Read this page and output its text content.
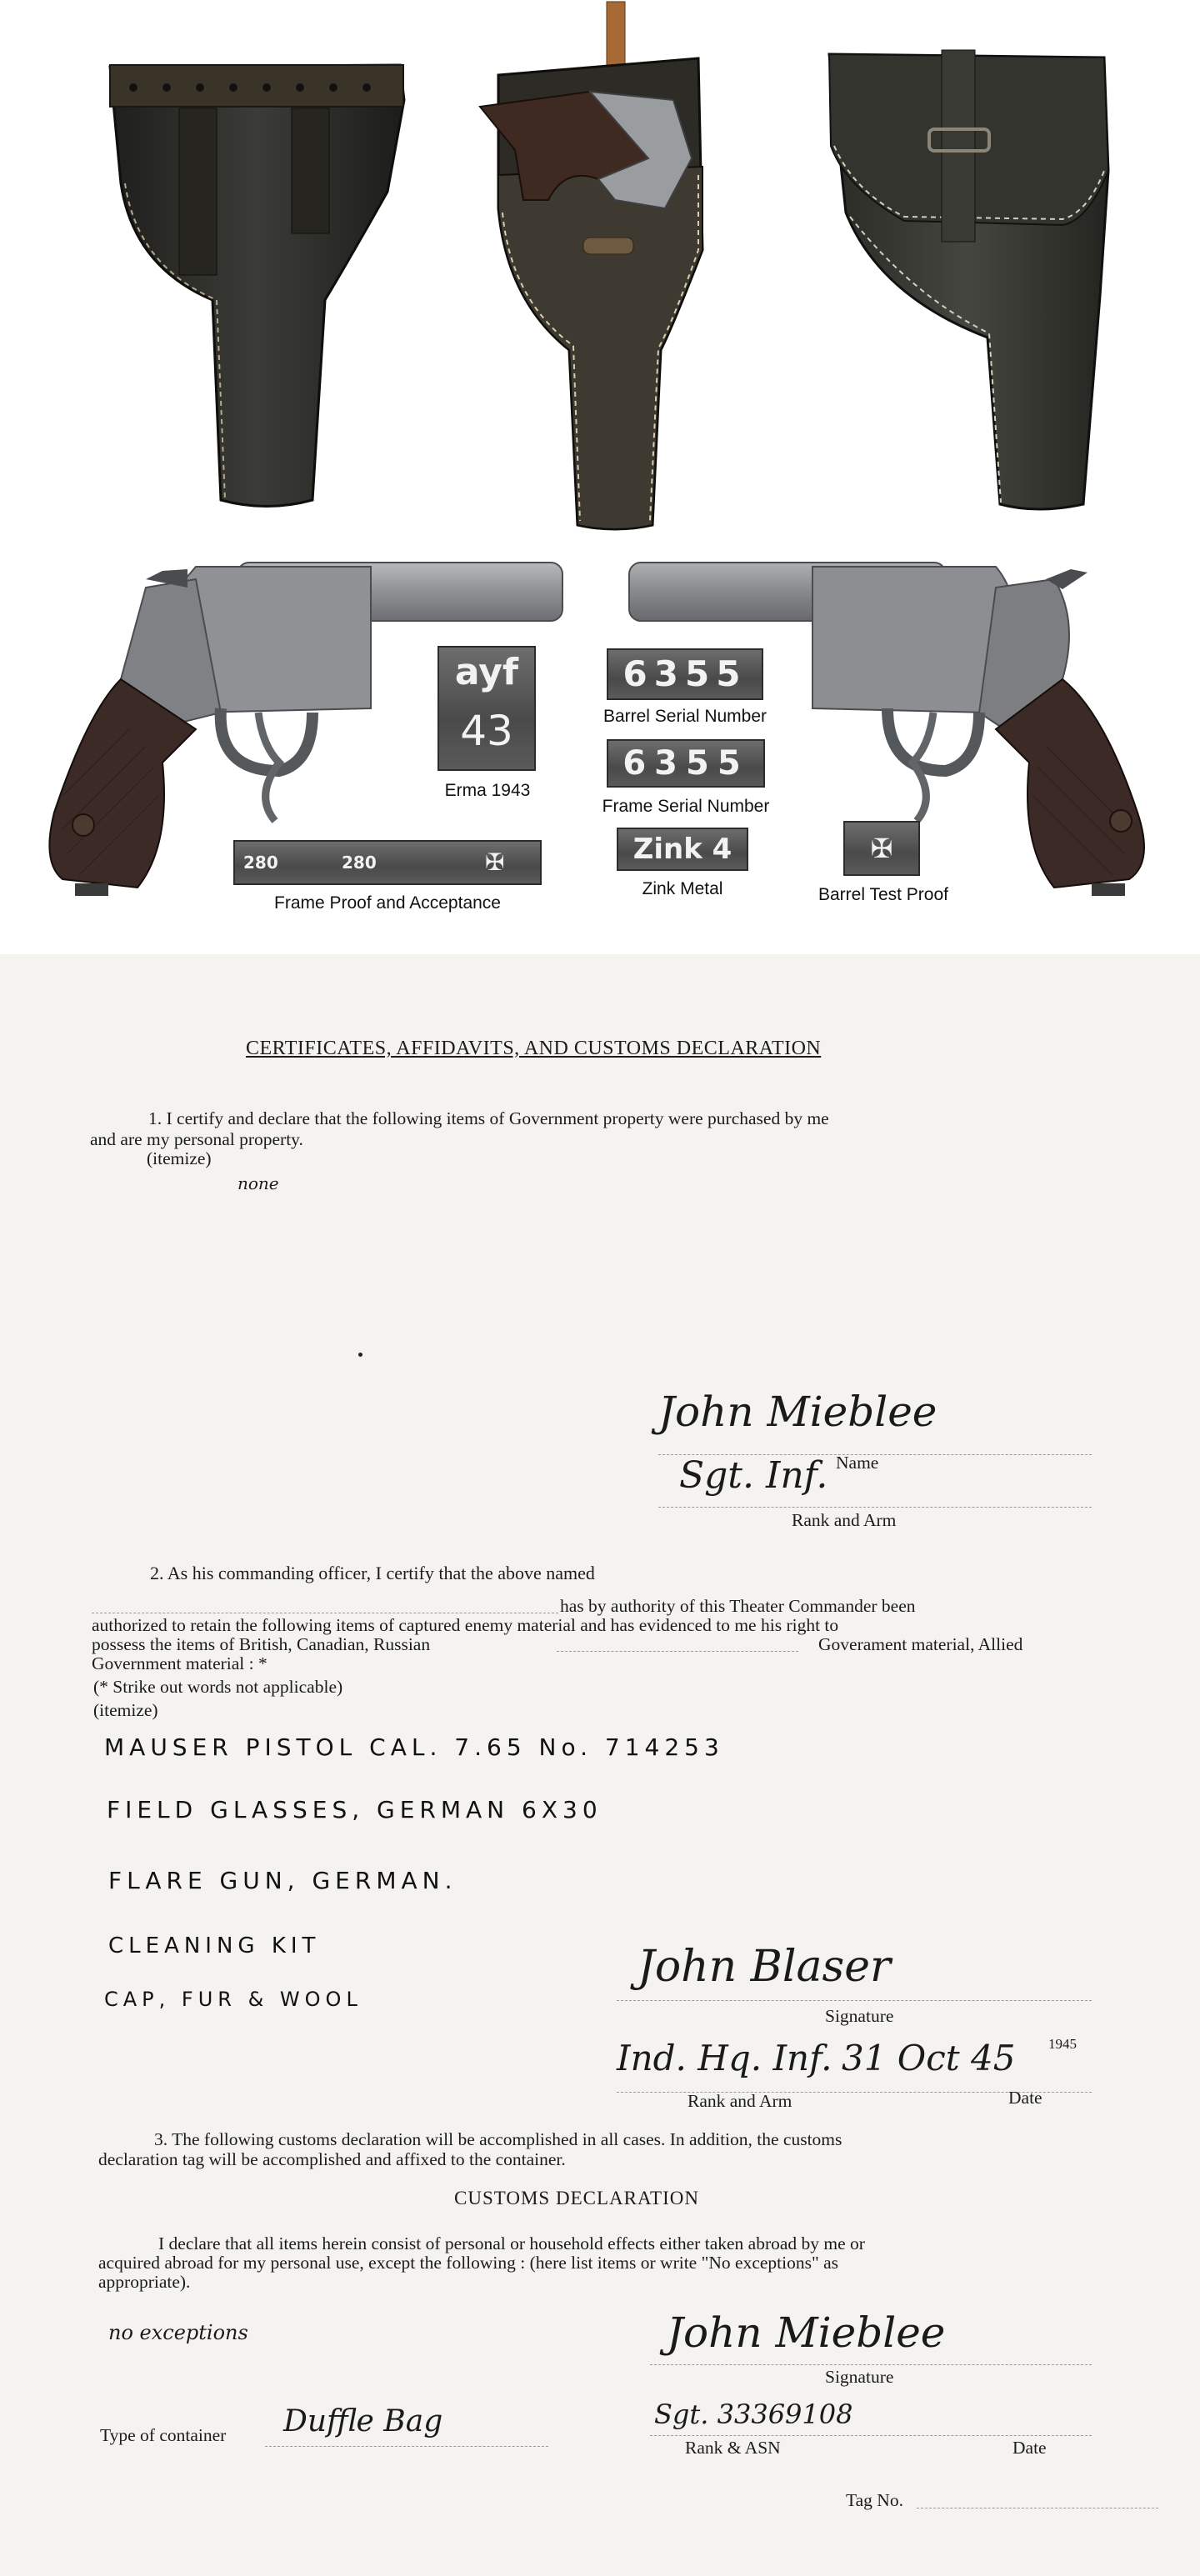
ayf
43
Erma 1943
6355
Barrel Serial Number
6355
Frame Serial Number
Zink 4
Zink Metal
280	280	✠
Frame Proof and Acceptance
✠
Barrel Test Proof
CERTIFICATES, AFFIDAVITS, AND CUSTOMS DECLARATION
1. I certify and declare that the following items of Government property were purchased by me
and are my personal property.
(itemize)
none
John Mieblee
Name
Sgt. Inf.
Rank and Arm
2. As his commanding officer, I certify that the above named
has by authority of this Theater Commander been
authorized to retain the following items of captured enemy material and has evidenced to me his right to
possess the items of British, Canadian, Russian	Goverament material, Allied
Government material : *
(* Strike out words not applicable)
(itemize)
MAUSER PISTOL CAL. 7.65 No. 714253
FIELD GLASSES, GERMAN 6X30
FLARE GUN, GERMAN.
CLEANING KIT
CAP, FUR & WOOL
John Blaser
Signature
Ind. Hq. Inf. 31 Oct 45 1945
Rank and Arm	Date
3. The following customs declaration will be accomplished in all cases. In addition, the customs
declaration tag will be accomplished and affixed to the container.
CUSTOMS DECLARATION
I declare that all items herein consist of personal or household effects either taken abroad by me or
acquired abroad for my personal use, except the following : (here list items or write "No exceptions" as
appropriate).
no exceptions	John Mieblee
Signature
Type of container Duffle Bag	Sgt. 33369108
Rank & ASN	Date
Tag No.
